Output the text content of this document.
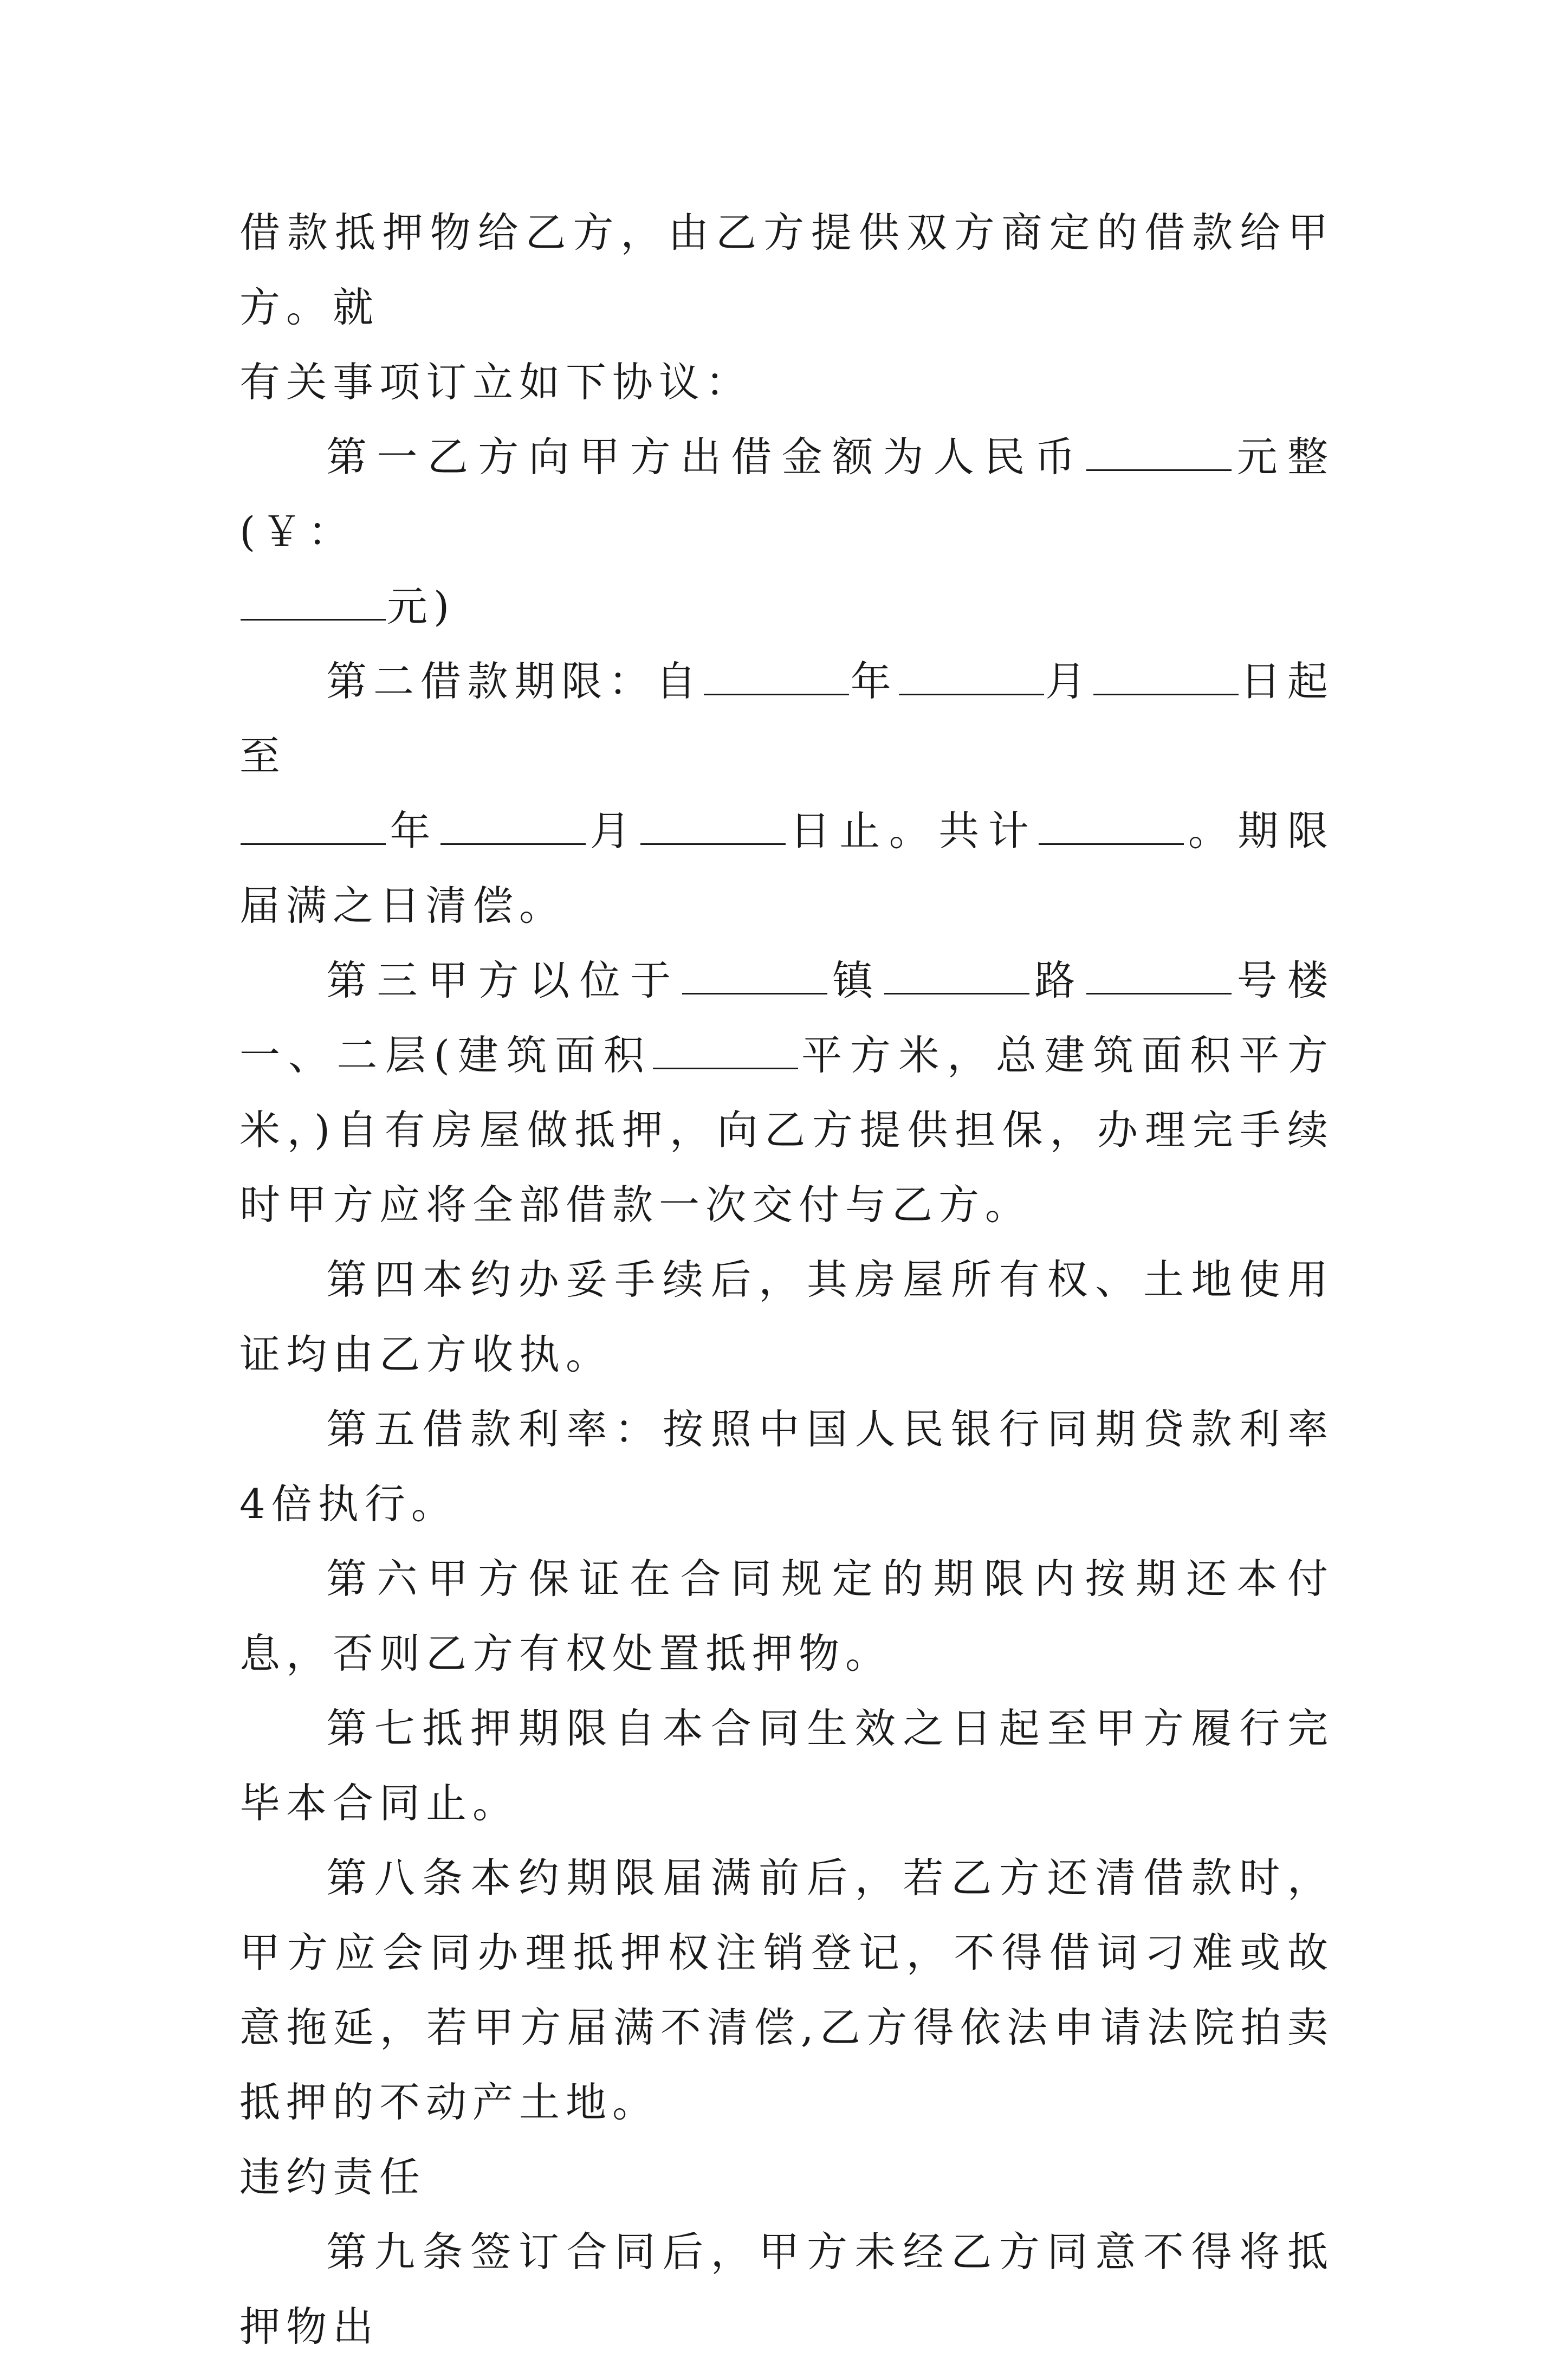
借款抵押物给乙方，由乙方提供双方商定的借款给甲方。就
有关事项订立如下协议：

第一乙方向甲方出借金额为人民币	元整(￥：
元)

第二借款期限：自	年	月	日起至
年	月	日止。共计	。期限届满之日清偿。

第三甲方以位于	镇	路	号楼一、二层(建筑面积	平方米，总建筑面积平方米，)自有房屋做抵押，向乙方提供担保，办理完手续时甲方应将全部借款一次交付与乙方。

第四本约办妥手续后，其房屋所有权、土地使用证均由乙方收执。

第五借款利率：按照中国人民银行同期贷款利率4倍执行。

第六甲方保证在合同规定的期限内按期还本付息，否则乙方有权处置抵押物。

第七抵押期限自本合同生效之日起至甲方履行完毕本合同止。

第八条本约期限届满前后，若乙方还清借款时，甲方应会同办理抵押权注销登记，不得借词刁难或故意拖延，若甲方届满不清偿,乙方得依法申请法院拍卖抵押的不动产土地。

违约责任

第九条签订合同后，甲方未经乙方同意不得将抵押物出
